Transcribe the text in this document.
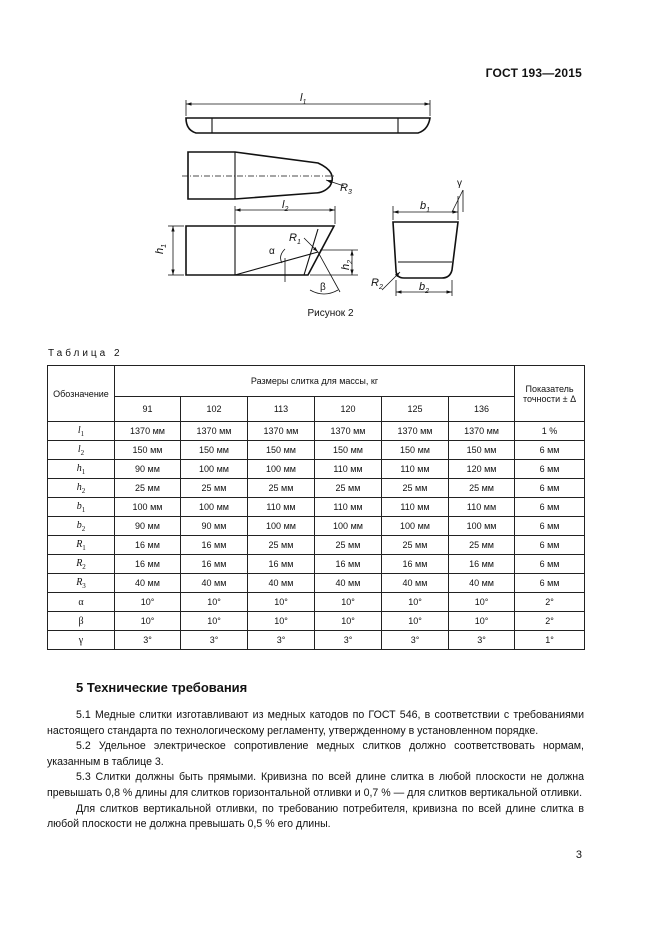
ГОСТ 193—2015
$l_1$
$R_3$
$l_2$
$h_1$
$h_2$
$R_1$
α
β
$b_1$
$b_2$
$R_2$
γ
Рисунок 2
Таблица 2
Обозначение	Размеры слитка для массы, кг						Показатель
точности ± Δ
	91	102	113	120	125	136	
$l_1$	1370 мм	1370 мм	1370 мм	1370 мм	1370 мм	1370 мм	1 %
$l_2$	150 мм	150 мм	150 мм	150 мм	150 мм	150 мм	6 мм
$h_1$	90 мм	100 мм	100 мм	110 мм	110 мм	120 мм	6 мм
$h_2$	25 мм	25 мм	25 мм	25 мм	25 мм	25 мм	6 мм
$b_1$	100 мм	100 мм	110 мм	110 мм	110 мм	110 мм	6 мм
$b_2$	90 мм	90 мм	100 мм	100 мм	100 мм	100 мм	6 мм
$R_1$	16 мм	16 мм	25 мм	25 мм	25 мм	25 мм	6 мм
$R_2$	16 мм	16 мм	16 мм	16 мм	16 мм	16 мм	6 мм
$R_3$	40 мм	40 мм	40 мм	40 мм	40 мм	40 мм	6 мм
α	10°	10°	10°	10°	10°	10°	2°
β	10°	10°	10°	10°	10°	10°	2°
γ	3°	3°	3°	3°	3°	3°	1°
5 Технические требования

5.1 Медные слитки изготавливают из медных катодов по ГОСТ 546, в соответствии с требованиями настоящего стандарта по технологическому регламенту, утвержденному в установленном порядке.

5.2 Удельное электрическое сопротивление медных слитков должно соответствовать нормам, указанным в таблице 3.

5.3 Слитки должны быть прямыми. Кривизна по всей длине слитка в любой плоскости не должна превышать 0,8 % длины для слитков горизонтальной отливки и 0,7 % — для слитков вертикальной отливки.

Для слитков вертикальной отливки, по требованию потребителя, кривизна по всей длине слитка в любой плоскости не должна превышать 0,5 % его длины.

3
